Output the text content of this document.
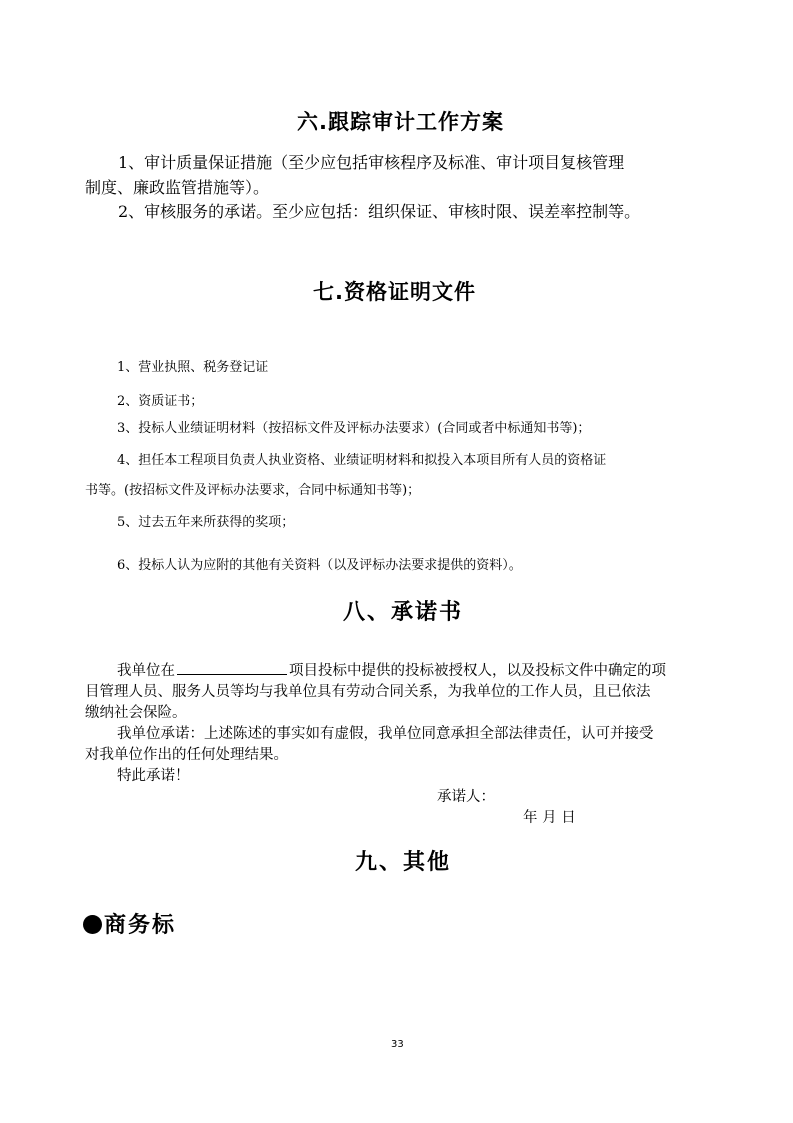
六.跟踪审计工作方案
1、审计质量保证措施（至少应包括审核程序及标准、审计项目复核管理
制度、廉政监管措施等）。
2、审核服务的承诺。至少应包括：组织保证、审核时限、误差率控制等。
七.资格证明文件
1、营业执照、税务登记证
2、资质证书；
3、投标人业绩证明材料（按招标文件及评标办法要求）(合同或者中标通知书等)；
4、担任本工程项目负责人执业资格、业绩证明材料和拟投入本项目所有人员的资格证
书等。(按招标文件及评标办法要求，合同中标通知书等)；
5、过去五年来所获得的奖项；
6、投标人认为应附的其他有关资料（以及评标办法要求提供的资料）。
八、承诺书
我单位在	项目投标中提供的投标被授权人，以及投标文件中确定的项
目管理人员、服务人员等均与我单位具有劳动合同关系，为我单位的工作人员，且已依法
缴纳社会保险。
我单位承诺：上述陈述的事实如有虚假，我单位同意承担全部法律责任，认可并接受
对我单位作出的任何处理结果。
特此承诺！
承诺人：
年 月 日
九、其他
商务标
33
